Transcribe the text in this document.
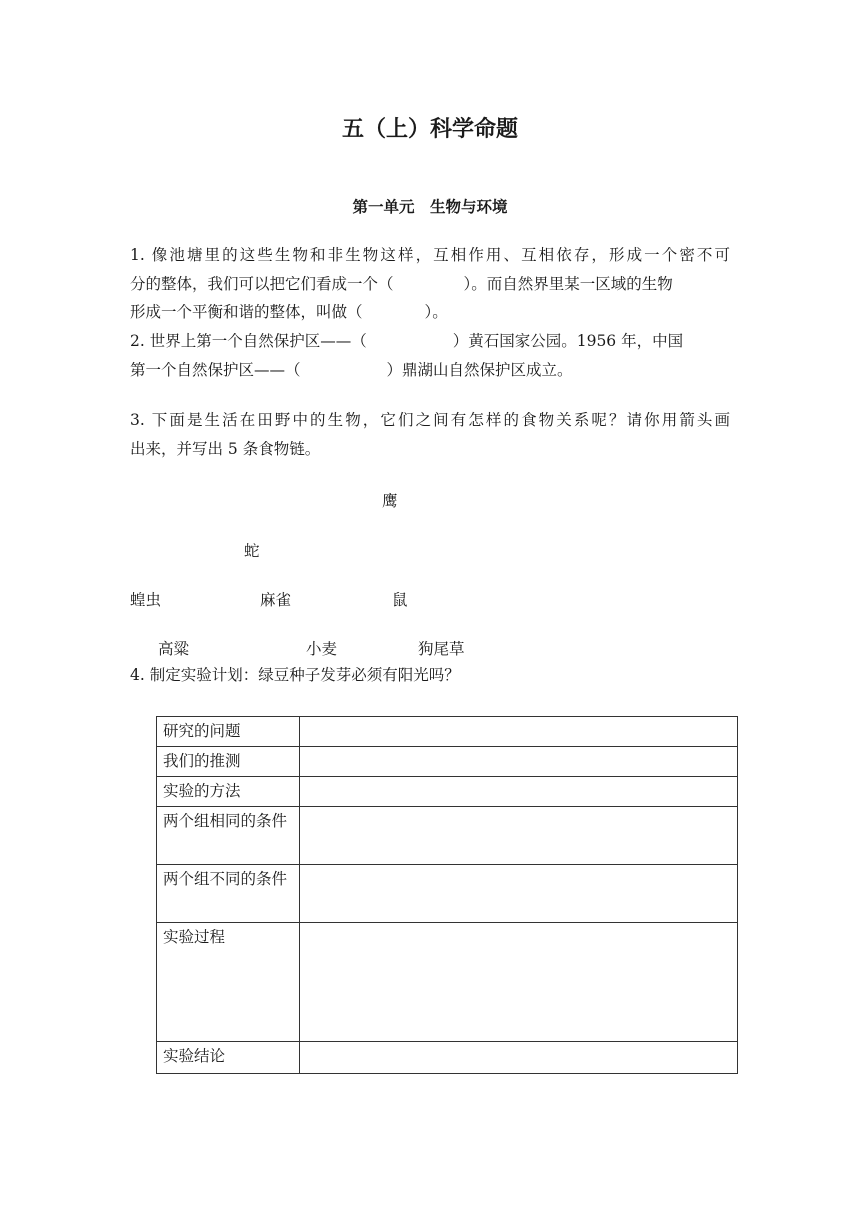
五（上）科学命题
第一单元　生物与环境
1. 像池塘里的这些生物和非生物这样，互相作用、互相依存，形成一个密不可
分的整体，我们可以把它们看成一个（	）。而自然界里某一区域的生物
形成一个平衡和谐的整体，叫做（	）。
2. 世界上第一个自然保护区——（	）黄石国家公园。1956 年，中国
第一个自然保护区——（	）鼎湖山自然保护区成立。
3. 下面是生活在田野中的生物，它们之间有怎样的食物关系呢？请你用箭头画
出来，并写出 5 条食物链。
鹰
蛇
蝗虫	麻雀	鼠
高粱	小麦	狗尾草
4. 制定实验计划：绿豆种子发芽必须有阳光吗？
研究的问题	
我们的推测	
实验的方法	
两个组相同的条件	
两个组不同的条件	
实验过程	
实验结论	
